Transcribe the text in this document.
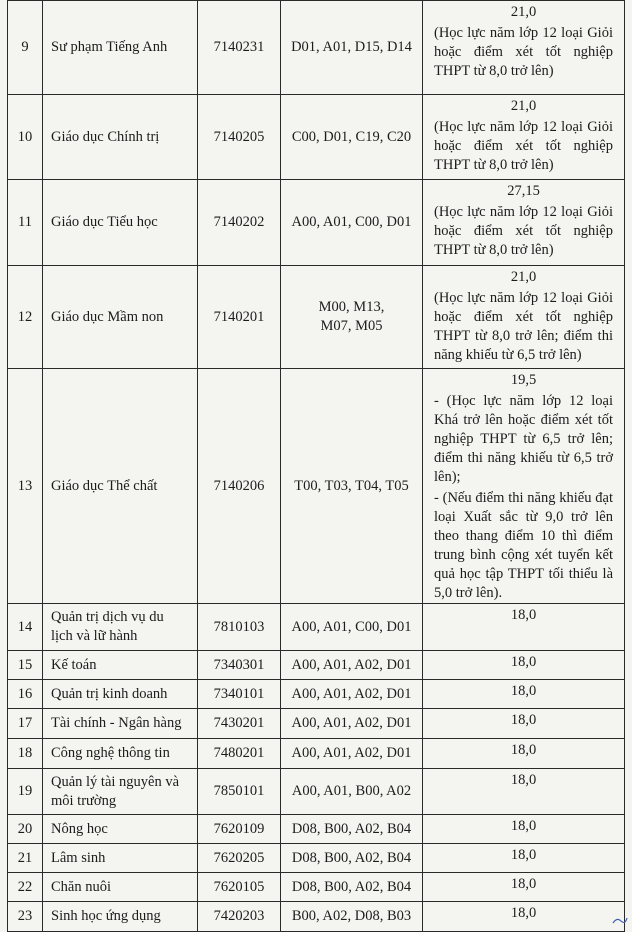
9	Sư phạm Tiếng Anh	7140231	D01, A01, D15, D14	21,0
(Học lực năm lớp 12 loại Giỏi hoặc điểm xét tốt nghiệp THPT từ 8,0 trở lên)

10	Giáo dục Chính trị	7140205	C00, D01, C19, C20	21,0
(Học lực năm lớp 12 loại Giỏi hoặc điểm xét tốt nghiệp THPT từ 8,0 trở lên)

11	Giáo dục Tiểu học	7140202	A00, A01, C00, D01	27,15
(Học lực năm lớp 12 loại Giỏi hoặc điểm xét tốt nghiệp THPT từ 8,0 trở lên)

12	Giáo dục Mầm non	7140201	M00, M13, M07, M05	21,0
(Học lực năm lớp 12 loại Giỏi hoặc điểm xét tốt nghiệp THPT từ 8,0 trở lên; điểm thi năng khiếu từ 6,5 trở lên)

13	Giáo dục Thể chất	7140206	T00, T03, T04, T05	19,5
- (Học lực năm lớp 12 loại Khá trở lên hoặc điểm xét tốt nghiệp THPT từ 6,5 trở lên; điểm thi năng khiếu từ 6,5 trở lên);
- (Nếu điểm thi năng khiếu đạt loại Xuất sắc từ 9,0 trở lên theo thang điểm 10 thì điểm trung bình cộng xét tuyển kết quả học tập THPT tối thiểu là 5,0 trở lên).

14	Quản trị dịch vụ du lịch và lữ hành	7810103	A00, A01, C00, D01	18,0
15	Kế toán	7340301	A00, A01, A02, D01	18,0
16	Quản trị kinh doanh	7340101	A00, A01, A02, D01	18,0
17	Tài chính - Ngân hàng	7430201	A00, A01, A02, D01	18,0
18	Công nghệ thông tin	7480201	A00, A01, A02, D01	18,0
19	Quản lý tài nguyên và môi trường	7850101	A00, A01, B00, A02	18,0
20	Nông học	7620109	D08, B00, A02, B04	18,0
21	Lâm sinh	7620205	D08, B00, A02, B04	18,0
22	Chăn nuôi	7620105	D08, B00, A02, B04	18,0
23	Sinh học ứng dụng	7420203	B00, A02, D08, B03	18,0
